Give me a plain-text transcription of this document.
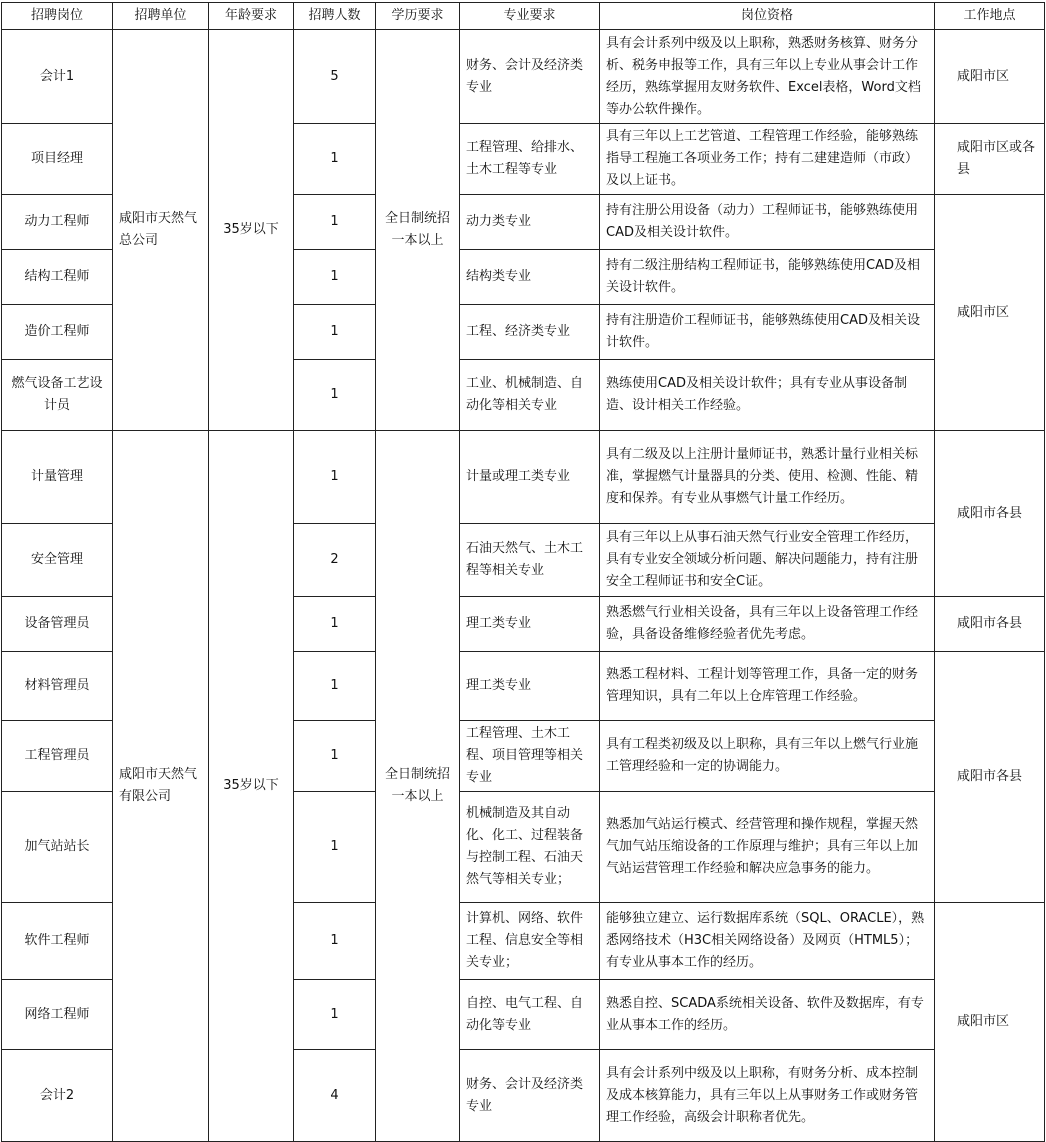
招聘岗位	招聘单位	年龄要求	招聘人数	学历要求	专业要求	岗位资格	工作地点
会计1	咸阳市天然气总公司	35岁以下	5	全日制统招一本以上	财务、会计及经济类专业	具有会计系列中级及以上职称，熟悉财务核算、财务分析、税务申报等工作，具有三年以上专业从事会计工作经历，熟练掌握用友财务软件、Excel表格，Word文档等办公软件操作。	咸阳市区
项目经理			1		工程管理、给排水、土木工程等专业	具有三年以上工艺管道、工程管理工作经验，能够熟练指导工程施工各项业务工作；持有二建建造师（市政）及以上证书。	咸阳市区或各县
动力工程师			1		动力类专业	持有注册公用设备（动力）工程师证书，能够熟练使用CAD及相关设计软件。	咸阳市区
结构工程师			1		结构类专业	持有二级注册结构工程师证书，能够熟练使用CAD及相关设计软件。	
造价工程师			1		工程、经济类专业	持有注册造价工程师证书，能够熟练使用CAD及相关设计软件。	
燃气设备工艺设计员			1		工业、机械制造、自动化等相关专业	熟练使用CAD及相关设计软件；具有专业从事设备制造、设计相关工作经验。	
计量管理	咸阳市天然气有限公司	35岁以下	1	全日制统招一本以上	计量或理工类专业	具有二级及以上注册计量师证书，熟悉计量行业相关标准，掌握燃气计量器具的分类、使用、检测、性能、精度和保养。有专业从事燃气计量工作经历。	咸阳市各县
安全管理			2		石油天然气、土木工程等相关专业	具有三年以上从事石油天然气行业安全管理工作经历，具有专业安全领域分析问题、解决问题能力，持有注册安全工程师证书和安全C证。	
设备管理员			1		理工类专业	熟悉燃气行业相关设备，具有三年以上设备管理工作经验，具备设备维修经验者优先考虑。	咸阳市各县
材料管理员			1		理工类专业	熟悉工程材料、工程计划等管理工作，具备一定的财务管理知识，具有二年以上仓库管理工作经验。	咸阳市各县
工程管理员			1		工程管理、土木工程、项目管理等相关专业	具有工程类初级及以上职称，具有三年以上燃气行业施工管理经验和一定的协调能力。	
加气站站长			1		机械制造及其自动化、化工、过程装备与控制工程、石油天然气等相关专业；	熟悉加气站运行模式、经营管理和操作规程，掌握天然气加气站压缩设备的工作原理与维护；具有三年以上加气站运营管理工作经验和解决应急事务的能力。	
软件工程师			1		计算机、网络、软件工程、信息安全等相关专业；	能够独立建立、运行数据库系统（SQL、ORACLE），熟悉网络技术（H3C相关网络设备）及网页（HTML5）；有专业从事本工作的经历。	咸阳市区
网络工程师			1		自控、电气工程、自动化等专业	熟悉自控、SCADA系统相关设备、软件及数据库，有专业从事本工作的经历。	
会计2			4		财务、会计及经济类专业	具有会计系列中级及以上职称，有财务分析、成本控制及成本核算能力，具有三年以上从事财务工作或财务管理工作经验，高级会计职称者优先。	
